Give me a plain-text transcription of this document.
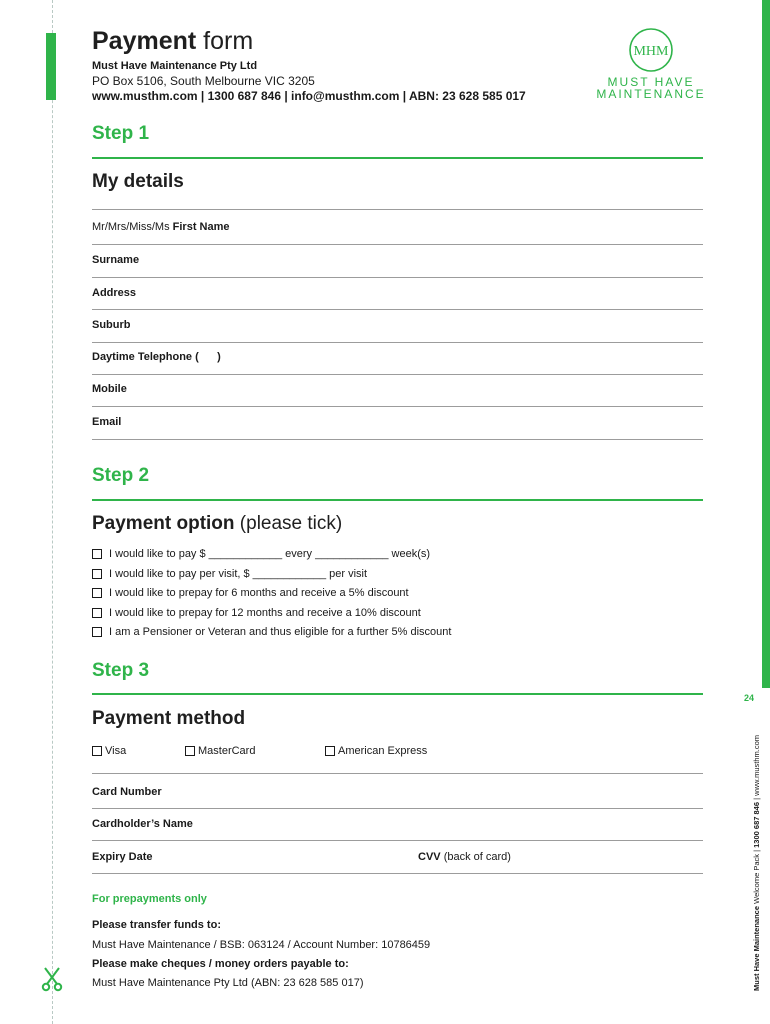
Payment form
Must Have Maintenance Pty Ltd
PO Box 5106, South Melbourne VIC 3205
www.musthm.com | 1300 687 846 | info@musthm.com | ABN: 23 628 585 017
MHM
MUST HAVE
MAINTENANCE
Step 1
My details
Mr/Mrs/Miss/Ms First Name
Surname
Address
Suburb
Daytime Telephone (      )
Mobile
Email
Step 2
Payment option (please tick)
I would like to pay $ ____________ every ____________ week(s)
I would like to pay per visit, $ ____________ per visit
I would like to prepay for 6 months and receive a 5% discount
I would like to prepay for 12 months and receive a 10% discount
I am a Pensioner or Veteran and thus eligible for a further 5% discount
Step 3
Payment method
Visa	MasterCard	American Express
Card Number
Cardholder’s Name
Expiry Date	CVV (back of card)
For prepayments only
Please transfer funds to:
Must Have Maintenance / BSB: 063124 / Account Number: 10786459
Please make cheques / money orders payable to:
Must Have Maintenance Pty Ltd (ABN: 23 628 585 017)
24
Must Have Maintenance Welcome Pack | 1300 687 846 | www.musthm.com
